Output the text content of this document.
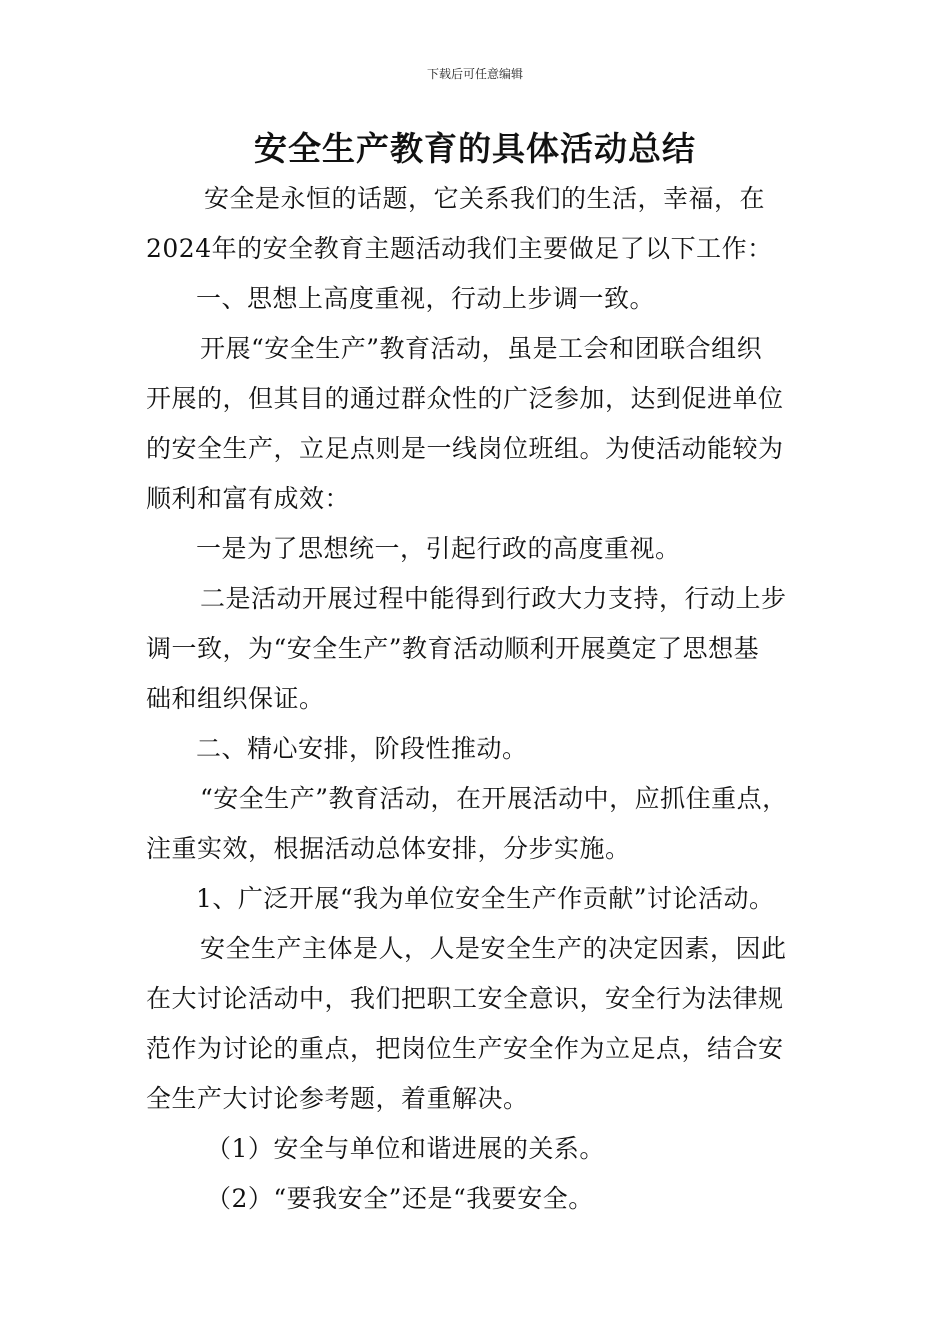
下载后可任意编辑
安全生产教育的具体活动总结
安全是永恒的话题，它关系我们的生活，幸福，在
2024年的安全教育主题活动我们主要做足了以下工作：
一、思想上高度重视，行动上步调一致。
开展“安全生产”教育活动，虽是工会和团联合组织
开展的，但其目的通过群众性的广泛参加，达到促进单位
的安全生产，立足点则是一线岗位班组。为使活动能较为
顺利和富有成效：
一是为了思想统一，引起行政的高度重视。
二是活动开展过程中能得到行政大力支持，行动上步
调一致，为“安全生产”教育活动顺利开展奠定了思想基
础和组织保证。
二、精心安排，阶段性推动。
“安全生产”教育活动，在开展活动中，应抓住重点，
注重实效，根据活动总体安排，分步实施。
1、广泛开展“我为单位安全生产作贡献”讨论活动。
安全生产主体是人，人是安全生产的决定因素，因此
在大讨论活动中，我们把职工安全意识，安全行为法律规
范作为讨论的重点，把岗位生产安全作为立足点，结合安
全生产大讨论参考题，着重解决。
（1）安全与单位和谐进展的关系。
（2）“要我安全”还是“我要安全。
